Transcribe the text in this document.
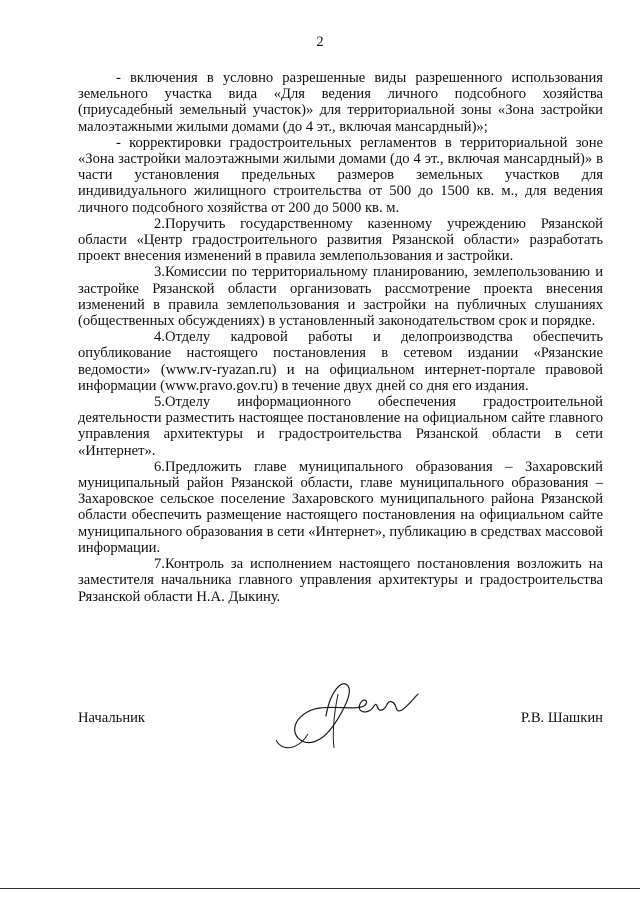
2

- включения в условно разрешенные виды разрешенного использования земельного участка вида «Для ведения личного подсобного хозяйства (приусадебный земельный участок)» для территориальной зоны «Зона застройки малоэтажными жилыми домами (до 4 эт., включая мансардный)»;

- корректировки градостроительных регламентов в территориальной зоне «Зона застройки малоэтажными жилыми домами (до 4 эт., включая мансардный)» в части установления предельных размеров земельных участков для индивидуального жилищного строительства от 500 до 1500 кв. м., для ведения личного подсобного хозяйства от 200 до 5000 кв. м.

2.Поручить государственному казенному учреждению Рязанской области «Центр градостроительного развития Рязанской области» разработать проект внесения изменений в правила землепользования и застройки.

3.Комиссии по территориальному планированию, землепользованию и застройке Рязанской области организовать рассмотрение проекта внесения изменений в правила землепользования и застройки на публичных слушаниях (общественных обсуждениях) в установленный законодательством срок и порядке.

4.Отделу кадровой работы и делопроизводства обеспечить опубликование настоящего постановления в сетевом издании «Рязанские ведомости» (www.rv-ryazan.ru) и на официальном интернет-портале правовой информации (www.pravo.gov.ru) в течение двух дней со дня его издания.

5.Отделу информационного обеспечения градостроительной деятельности разместить настоящее постановление на официальном сайте главного управления архитектуры и градостроительства Рязанской области в сети «Интернет».

6.Предложить главе муниципального образования – Захаровский муниципальный район Рязанской области, главе муниципального образования – Захаровское сельское поселение Захаровского муниципального района Рязанской области обеспечить размещение настоящего постановления на официальном сайте муниципального образования в сети «Интернет», публикацию в средствах массовой информации.

7.Контроль за исполнением настоящего постановления возложить на заместителя начальника главного управления архитектуры и градостроительства Рязанской области Н.А. Дыкину.

Начальник	Р.В. Шашкин
